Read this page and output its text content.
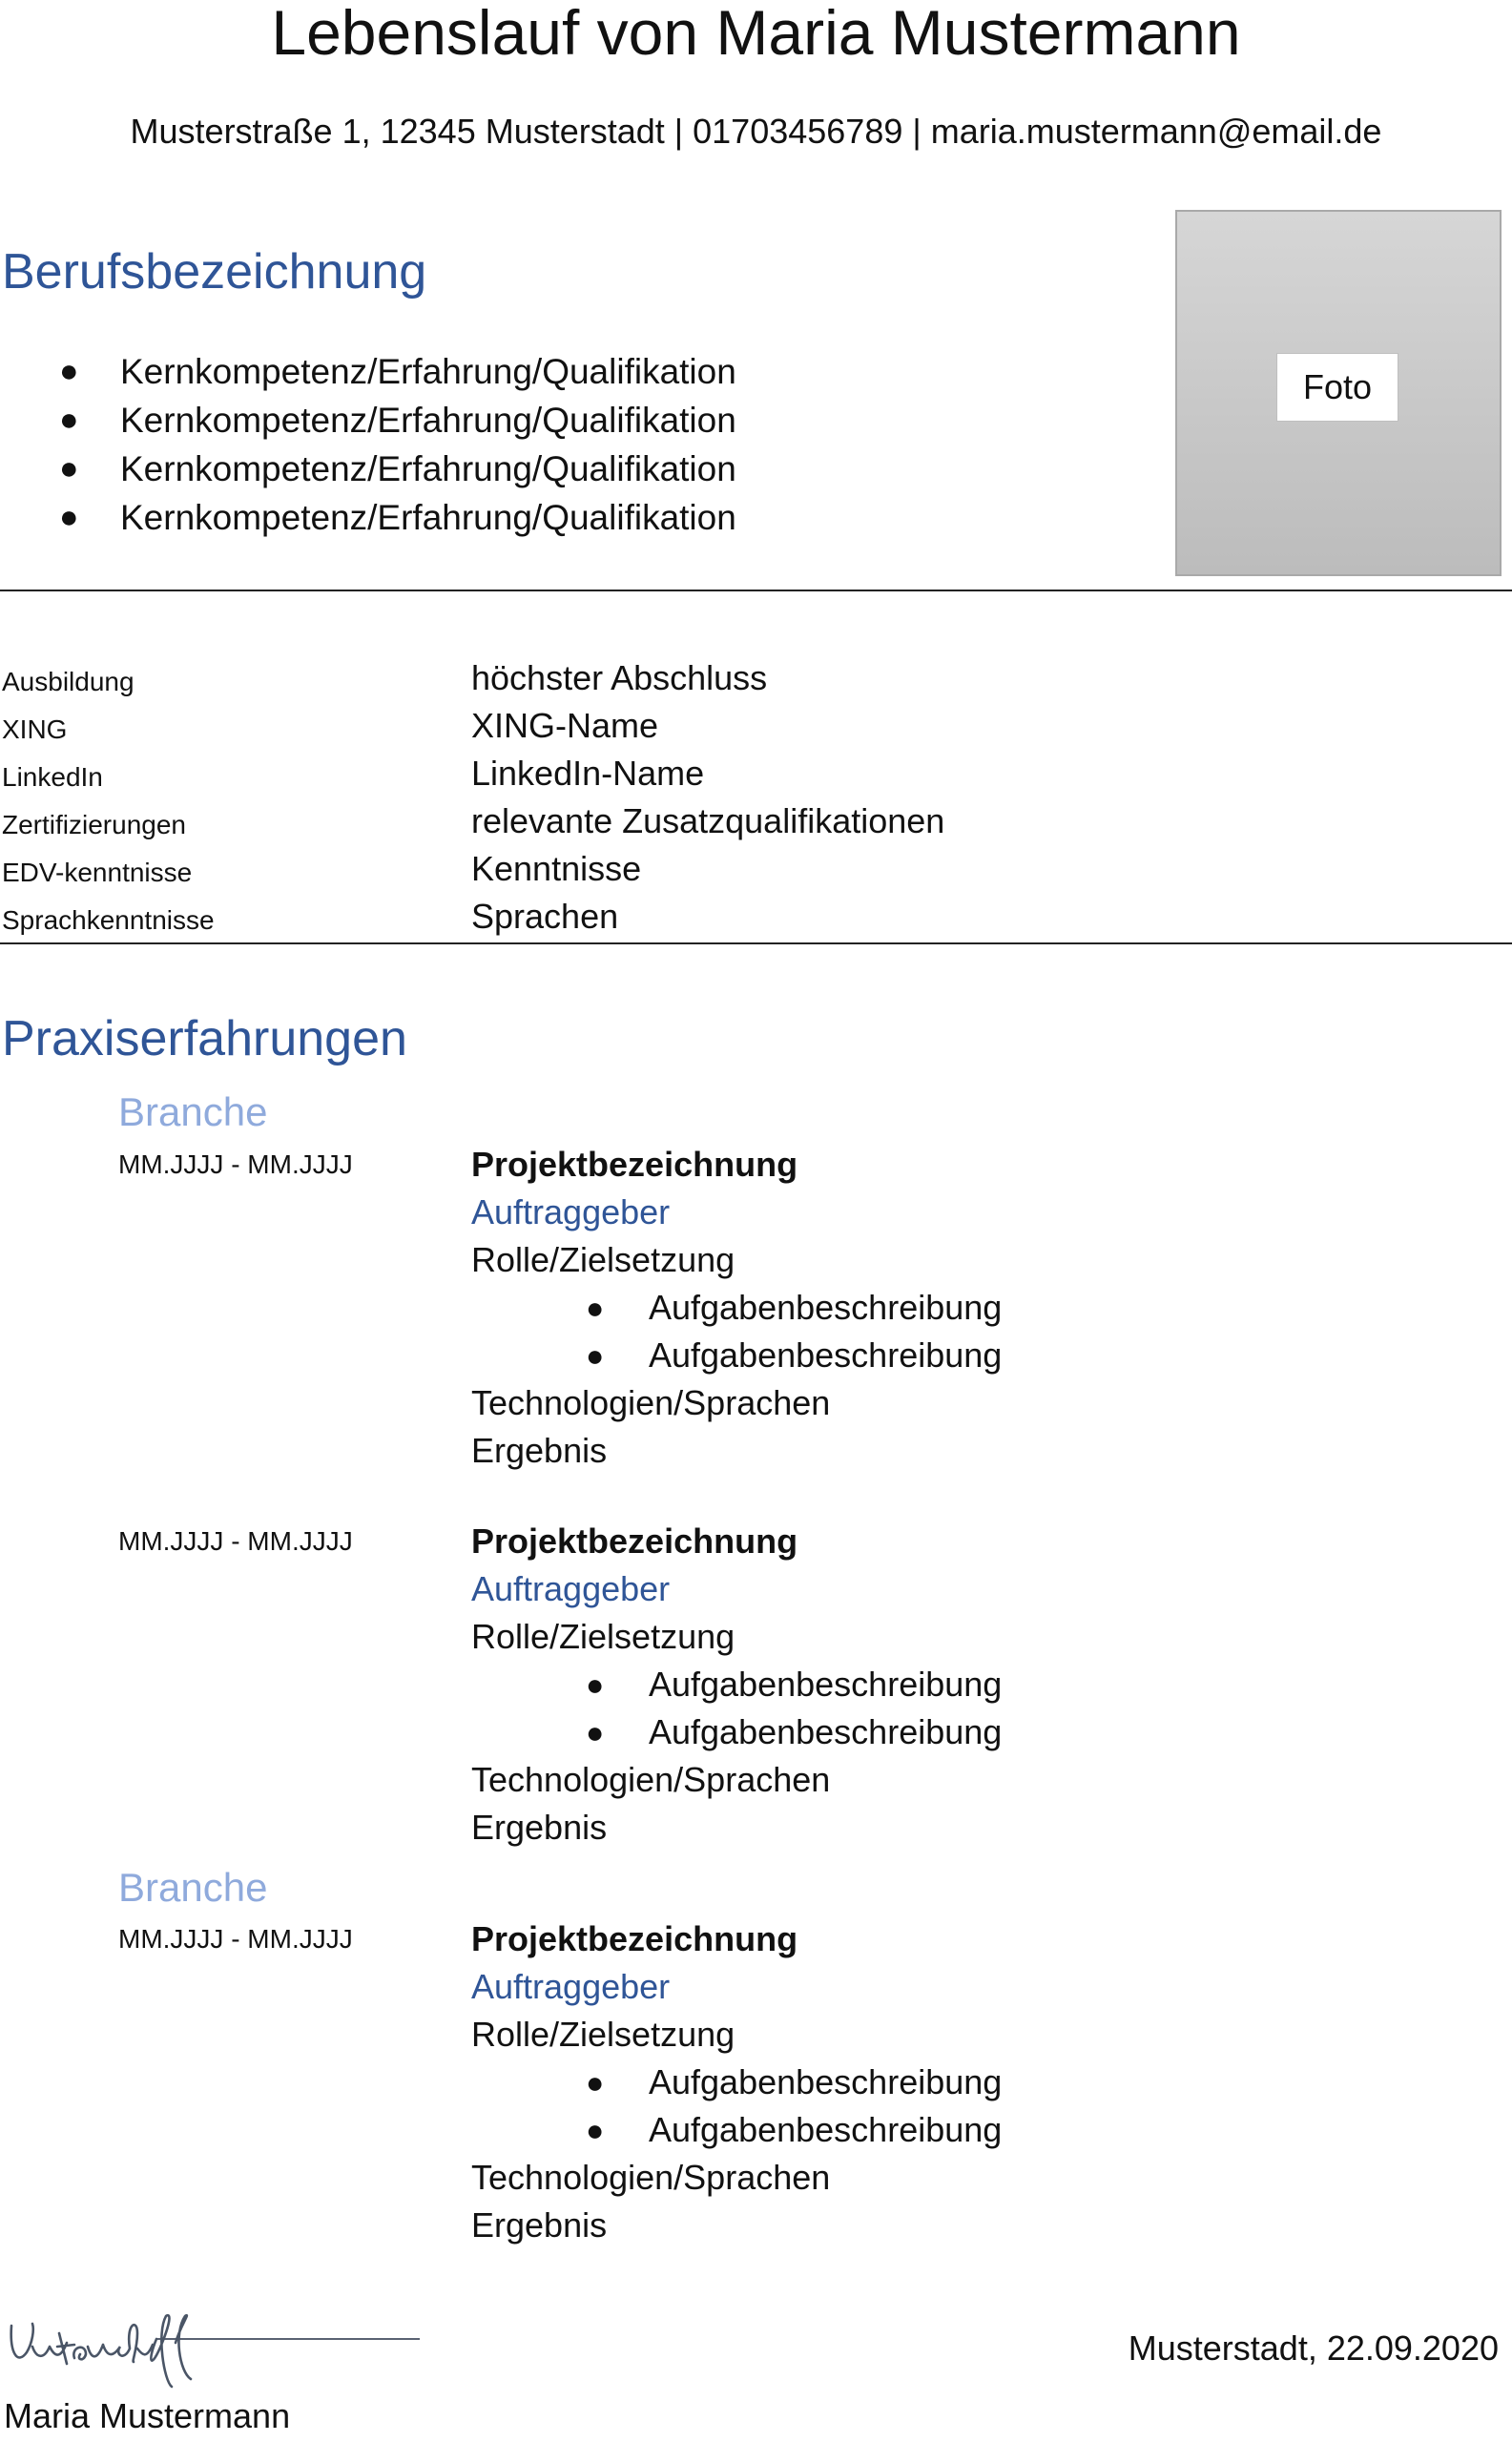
Lebenslauf von Maria Mustermann
Musterstraße 1, 12345 Musterstadt | 01703456789 | maria.mustermann@email.de
Berufsbezeichnung
●	Kernkompetenz/Erfahrung/Qualifikation
●	Kernkompetenz/Erfahrung/Qualifikation
●	Kernkompetenz/Erfahrung/Qualifikation
●	Kernkompetenz/Erfahrung/Qualifikation
Foto
Ausbildung	höchster Abschluss
XING	XING-Name
LinkedIn	LinkedIn-Name
Zertifizierungen	relevante Zusatzqualifikationen
EDV-kenntnisse	Kenntnisse
Sprachkenntnisse	Sprachen
Praxiserfahrungen
Branche
MM.JJJJ - MM.JJJJ	Projektbezeichnung
Auftraggeber
Rolle/Zielsetzung
● Aufgabenbeschreibung
● Aufgabenbeschreibung
Technologien/Sprachen
Ergebnis
MM.JJJJ - MM.JJJJ	Projektbezeichnung
Auftraggeber
Rolle/Zielsetzung
● Aufgabenbeschreibung
● Aufgabenbeschreibung
Technologien/Sprachen
Ergebnis
Branche
MM.JJJJ - MM.JJJJ	Projektbezeichnung
Auftraggeber
Rolle/Zielsetzung
● Aufgabenbeschreibung
● Aufgabenbeschreibung
Technologien/Sprachen
Ergebnis
Maria Mustermann
Musterstadt, 22.09.2020
